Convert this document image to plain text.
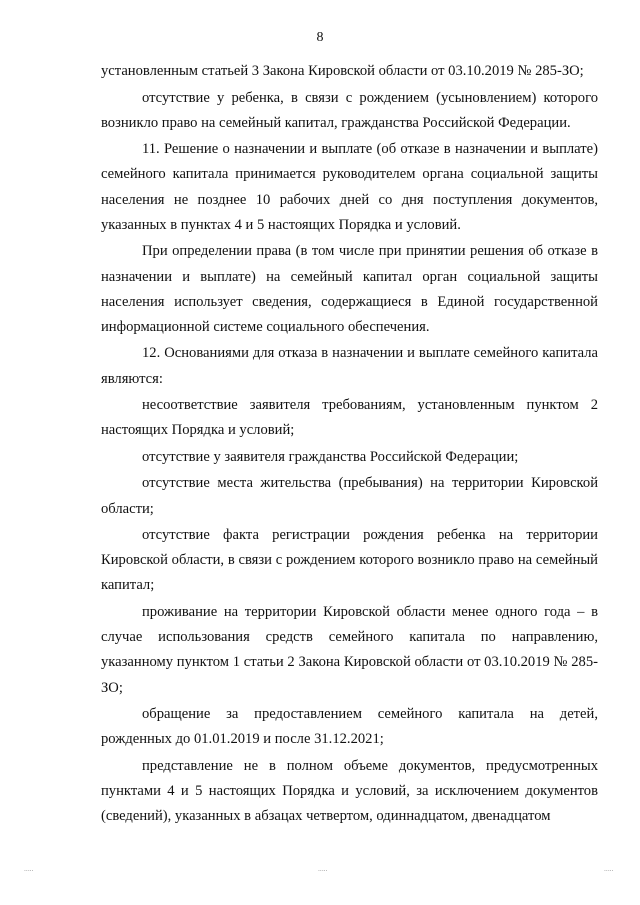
8

установленным статьей 3 Закона Кировской области от 03.10.2019 № 285-ЗО;

отсутствие у ребенка, в связи с рождением (усыновлением) которого возникло право на семейный капитал, гражданства Российской Федерации.

11. Решение о назначении и выплате (об отказе в назначении и выплате) семейного капитала принимается руководителем органа социальной защиты населения не позднее 10 рабочих дней со дня поступления документов, указанных в пунктах 4 и 5 настоящих Порядка и условий.

При определении права (в том числе при принятии решения об отказе в назначении и выплате) на семейный капитал орган социальной защиты населения использует сведения, содержащиеся в Единой государственной информационной системе социального обеспечения.

12. Основаниями для отказа в назначении и выплате семейного капитала являются:

несоответствие заявителя требованиям, установленным пунктом 2 настоящих Порядка и условий;

отсутствие у заявителя гражданства Российской Федерации;

отсутствие места жительства (пребывания) на территории Кировской области;

отсутствие факта регистрации рождения ребенка на территории Кировской области, в связи с рождением которого возникло право на семейный капитал;

проживание на территории Кировской области менее одного года – в случае использования средств семейного капитала по направлению, указанному пунктом 1 статьи 2 Закона Кировской области от 03.10.2019 № 285-ЗО;

обращение за предоставлением семейного капитала на детей, рожденных до 01.01.2019 и после 31.12.2021;

представление не в полном объеме документов, предусмотренных пунктами 4 и 5 настоящих Порядка и условий, за исключением документов (сведений), указанных в абзацах четвертом, одиннадцатом, двенадцатом

.....	.....	.....
